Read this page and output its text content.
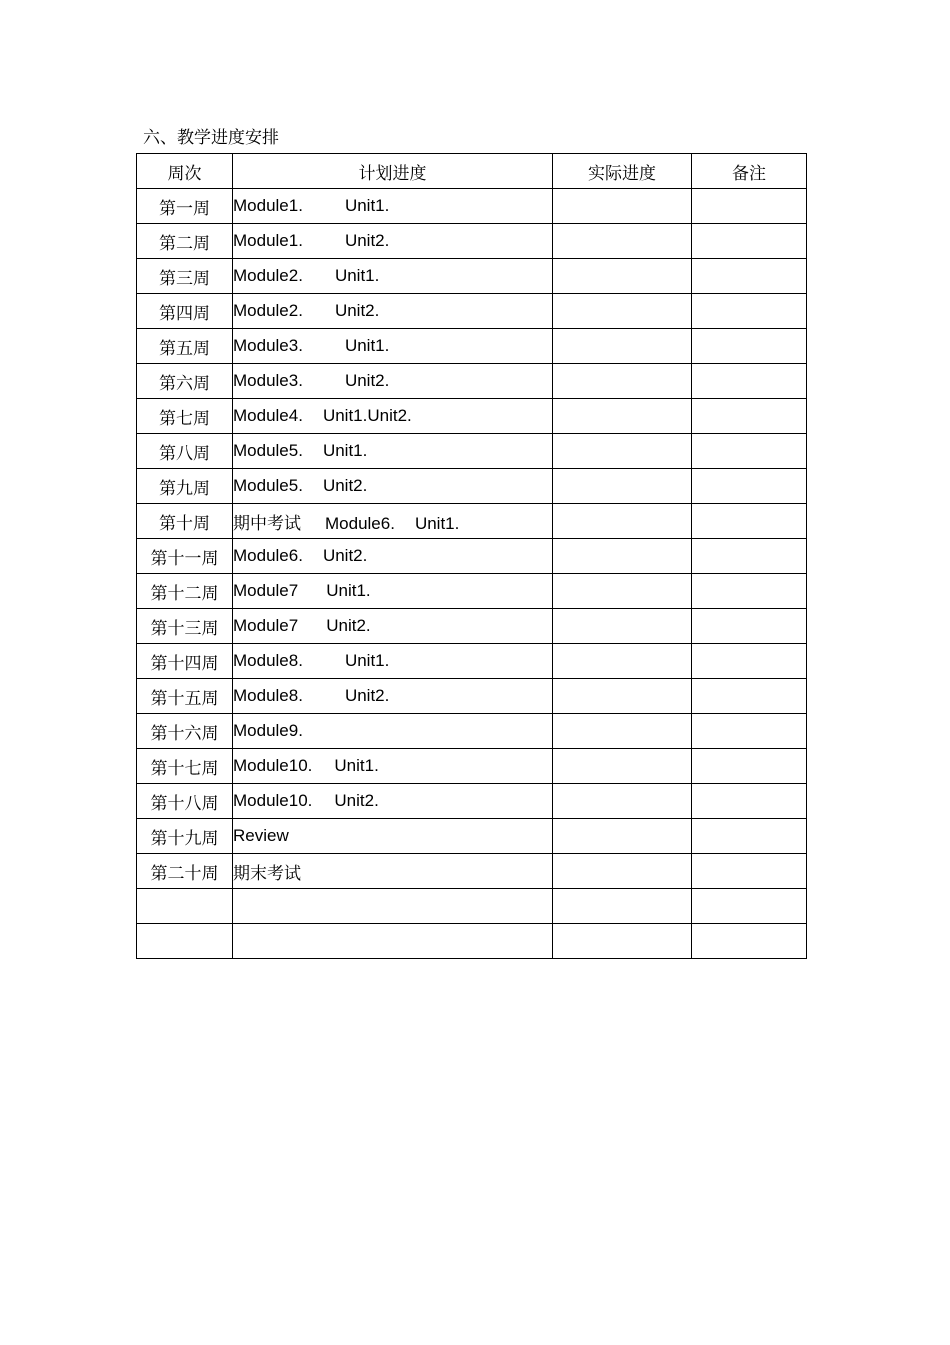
六、教学进度安排
周次	计划进度	实际进度	备注
第一周	Module1. Unit1.		
第二周	Module1. Unit2.		
第三周	Module2. Unit1.		
第四周	Module2. Unit2.		
第五周	Module3. Unit1.		
第六周	Module3. Unit2.		
第七周	Module4. Unit1.Unit2.		
第八周	Module5. Unit1.		
第九周	Module5. Unit2.		
第十周	期中考试 Module6. Unit1.		
第十一周	Module6. Unit2.		
第十二周	Module7 Unit1.		
第十三周	Module7 Unit2.		
第十四周	Module8. Unit1.		
第十五周	Module8. Unit2.		
第十六周	Module9.		
第十七周	Module10. Unit1.		
第十八周	Module10. Unit2.		
第十九周	Review		
第二十周	期末考试		
